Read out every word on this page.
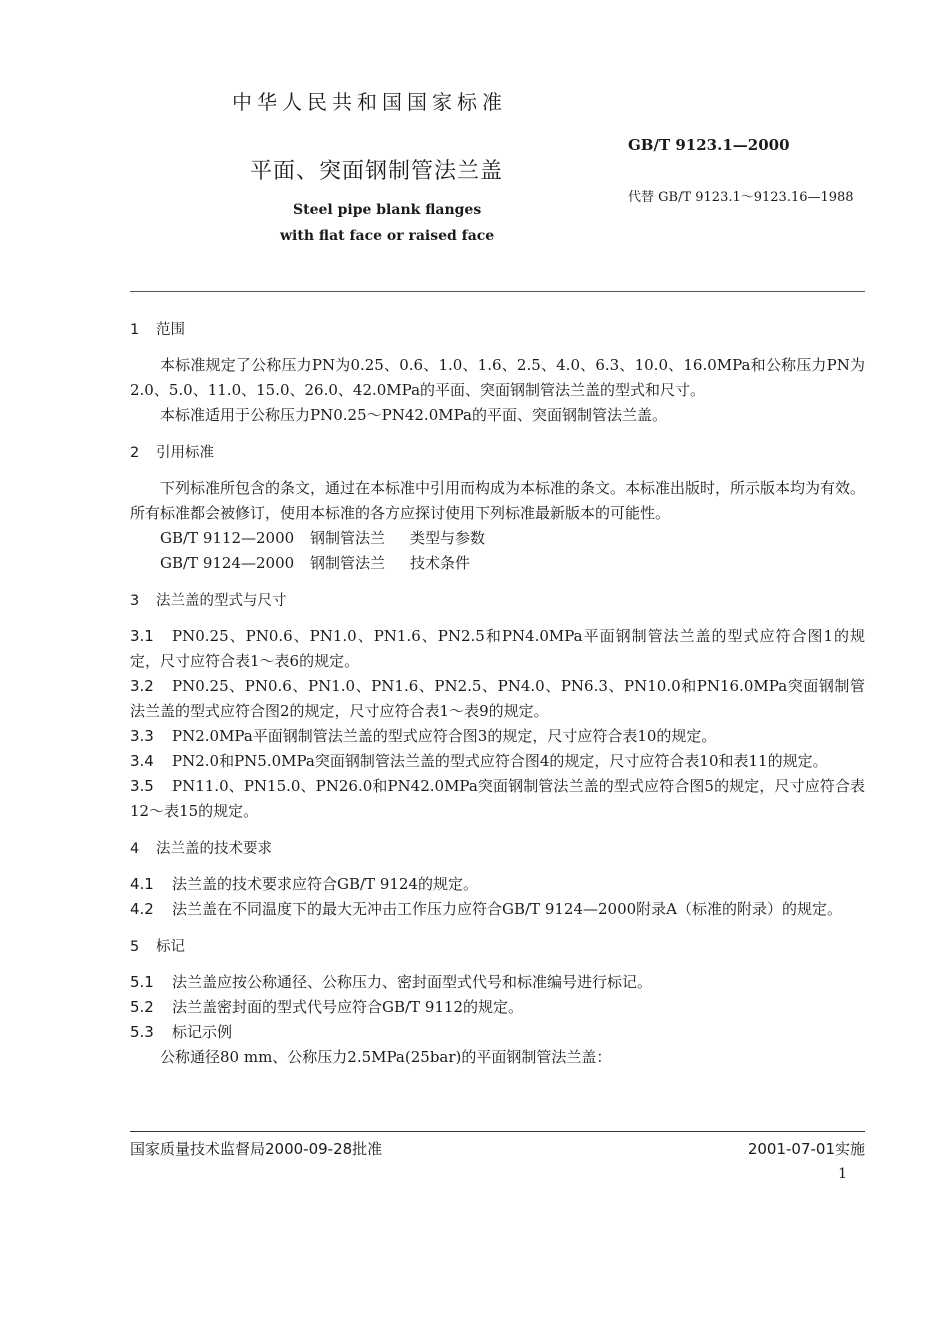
中华人民共和国国家标准
平面、突面钢制管法兰盖
GB/T 9123.1—2000
代替 GB/T 9123.1～9123.16—1988
Steel pipe blank flanges
with flat face or raised face
1 范围
本标准规定了公称压力PN为0.25、0.6、1.0、1.6、2.5、4.0、6.3、10.0、16.0MPa和公称压力PN为2.0、5.0、11.0、15.0、26.0、42.0MPa的平面、突面钢制管法兰盖的型式和尺寸。
本标准适用于公称压力PN0.25～PN42.0MPa的平面、突面钢制管法兰盖。
2 引用标准
下列标准所包含的条文，通过在本标准中引用而构成为本标准的条文。本标准出版时，所示版本均为有效。所有标准都会被修订，使用本标准的各方应探讨使用下列标准最新版本的可能性。
GB/T 9112—2000 钢制管法兰 类型与参数
GB/T 9124—2000 钢制管法兰 技术条件
3 法兰盖的型式与尺寸
3.1 PN0.25、PN0.6、PN1.0、PN1.6、PN2.5和PN4.0MPa平面钢制管法兰盖的型式应符合图1的规定，尺寸应符合表1～表6的规定。
3.2 PN0.25、PN0.6、PN1.0、PN1.6、PN2.5、PN4.0、PN6.3、PN10.0和PN16.0MPa突面钢制管法兰盖的型式应符合图2的规定，尺寸应符合表1～表9的规定。
3.3 PN2.0MPa平面钢制管法兰盖的型式应符合图3的规定，尺寸应符合表10的规定。
3.4 PN2.0和PN5.0MPa突面钢制管法兰盖的型式应符合图4的规定，尺寸应符合表10和表11的规定。
3.5 PN11.0、PN15.0、PN26.0和PN42.0MPa突面钢制管法兰盖的型式应符合图5的规定，尺寸应符合表12～表15的规定。
4 法兰盖的技术要求
4.1 法兰盖的技术要求应符合GB/T 9124的规定。
4.2 法兰盖在不同温度下的最大无冲击工作压力应符合GB/T 9124—2000附录A（标准的附录）的规定。
5 标记
5.1 法兰盖应按公称通径、公称压力、密封面型式代号和标准编号进行标记。
5.2 法兰盖密封面的型式代号应符合GB/T 9112的规定。
5.3 标记示例
公称通径80 mm、公称压力2.5MPa(25bar)的平面钢制管法兰盖：
国家质量技术监督局2000-09-28批准	2001-07-01实施
1
